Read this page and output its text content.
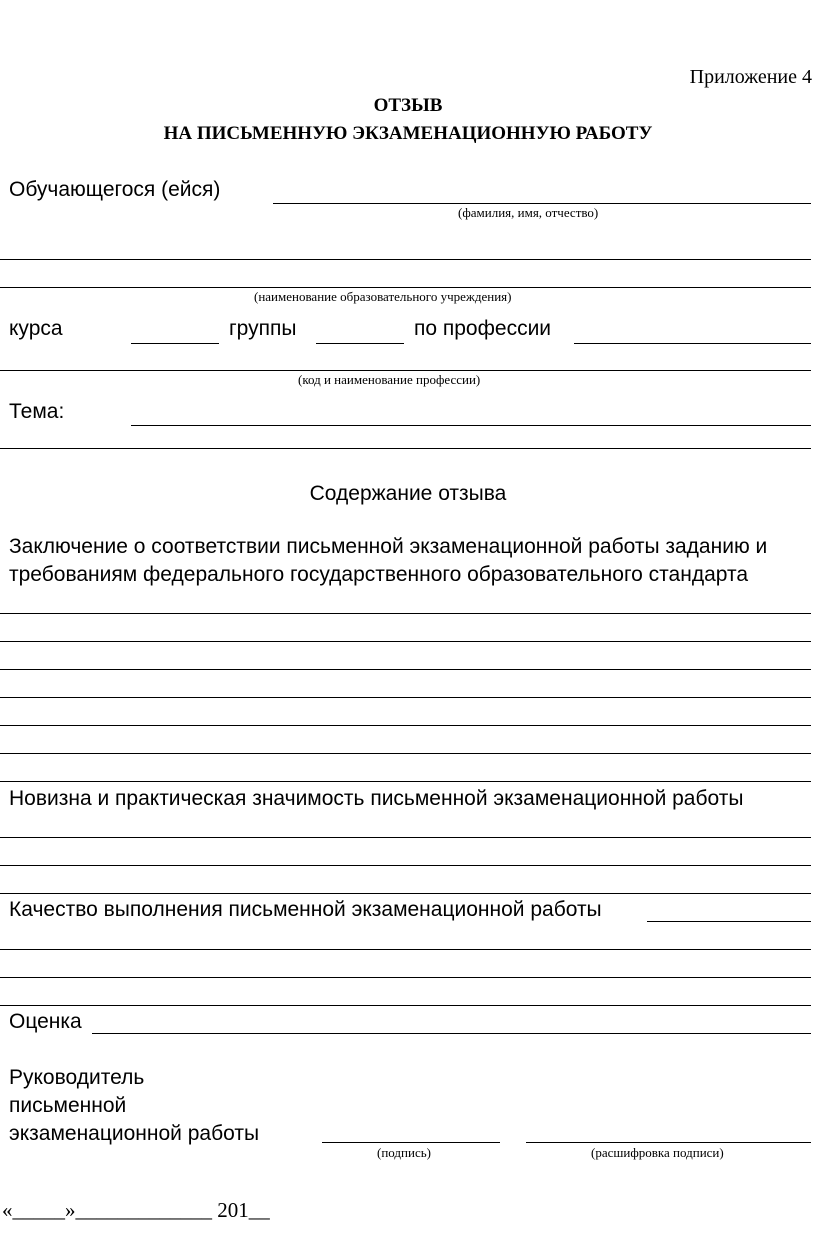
Приложение 4
ОТЗЫВ
НА ПИСЬМЕННУЮ ЭКЗАМЕНАЦИОННУЮ РАБОТУ
Обучающегося (ейся)
(фамилия, имя, отчество)
(наименование образовательного учреждения)
курса	группы	по профессии
(код и наименование профессии)
Тема:
Содержание отзыва
Заключение о соответствии письменной экзаменационной работы заданию и
требованиям федерального государственного образовательного стандарта
Новизна и практическая значимость письменной экзаменационной работы
Качество выполнения письменной экзаменационной работы
Оценка
Руководитель
письменной
экзаменационной работы
(подпись)	(расшифровка подписи)
«_____»_____________ 201__
